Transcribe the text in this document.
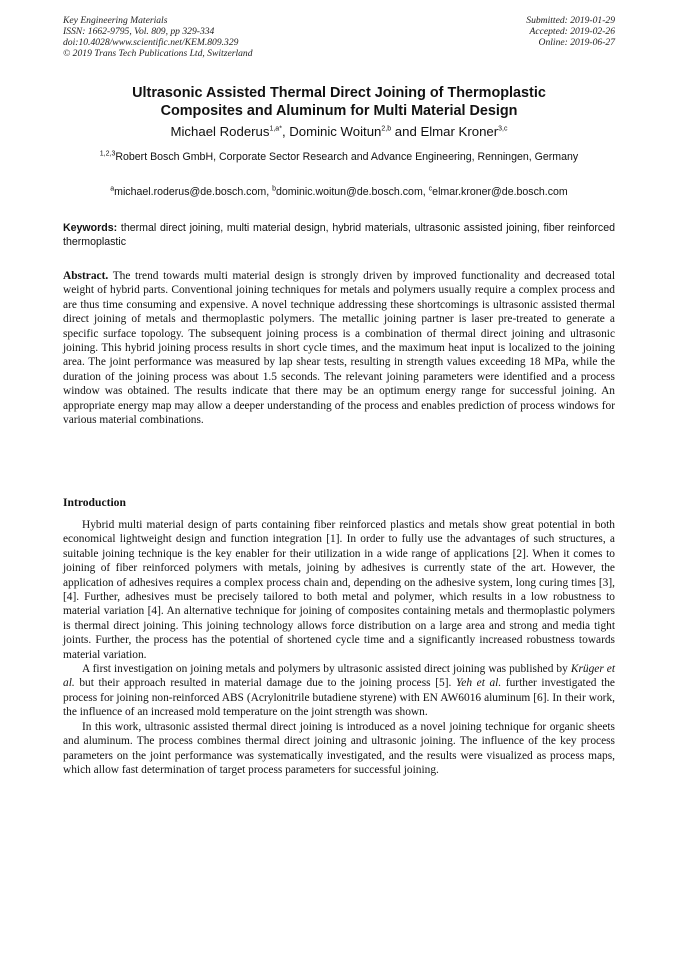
Key Engineering Materials
ISSN: 1662-9795, Vol. 809, pp 329-334
doi:10.4028/www.scientific.net/KEM.809.329
© 2019 Trans Tech Publications Ltd, Switzerland
Submitted: 2019-01-29
Accepted: 2019-02-26
Online: 2019-06-27
Ultrasonic Assisted Thermal Direct Joining of Thermoplastic
Composites and Aluminum for Multi Material Design
Michael Roderus$^{1,a*}$, Dominic Woitun$^{2,b}$ and Elmar Kroner$^{3,c}$
$^{1,2,3}$Robert Bosch GmbH, Corporate Sector Research and Advance Engineering, Renningen, Germany
$^a$michael.roderus@de.bosch.com, $^b$dominic.woitun@de.bosch.com, $^c$elmar.kroner@de.bosch.com
Keywords: thermal direct joining, multi material design, hybrid materials, ultrasonic assisted joining, fiber reinforced thermoplastic
Abstract. The trend towards multi material design is strongly driven by improved functionality and decreased total weight of hybrid parts. Conventional joining techniques for metals and polymers usually require a complex process and are thus time consuming and expensive. A novel technique addressing these shortcomings is ultrasonic assisted thermal direct joining of metals and thermoplastic polymers. The metallic joining partner is laser pre-treated to generate a specific surface topology. The subsequent joining process is a combination of thermal direct joining and ultrasonic joining. This hybrid joining process results in short cycle times, and the maximum heat input is localized to the joining area. The joint performance was measured by lap shear tests, resulting in strength values exceeding 18 MPa, while the duration of the joining process was about 1.5 seconds. The relevant joining parameters were identified and a process window was obtained. The results indicate that there may be an optimum energy range for successful joining. An appropriate energy map may allow a deeper understanding of the process and enables prediction of process windows for various material combinations.
Introduction

Hybrid multi material design of parts containing fiber reinforced plastics and metals show great potential in both economical lightweight design and function integration [1]. In order to fully use the advantages of such structures, a suitable joining technique is the key enabler for their utilization in a wide range of applications [2]. When it comes to joining of fiber reinforced polymers with metals, joining by adhesives is currently state of the art. However, the application of adhesives requires a complex process chain and, depending on the adhesive system, long curing times [3], [4]. Further, adhesives must be precisely tailored to both metal and polymer, which results in a low robustness to material variation [4]. An alternative technique for joining of composites containing metals and thermoplastic polymers is thermal direct joining. This joining technology allows force distribution on a large area and strong and media tight joints. Further, the process has the potential of shortened cycle time and a significantly increased robustness towards material variation.

A first investigation on joining metals and polymers by ultrasonic assisted direct joining was published by Krüger et al. but their approach resulted in material damage due to the joining process [5]. Yeh et al. further investigated the process for joining non-reinforced ABS (Acrylonitrile butadiene styrene) with EN AW6016 aluminum [6]. In their work, the influence of an increased mold temperature on the joint strength was shown.

In this work, ultrasonic assisted thermal direct joining is introduced as a novel joining technique for organic sheets and aluminum. The process combines thermal direct joining and ultrasonic joining. The influence of the key process parameters on the joint performance was systematically investigated, and the results were visualized as process maps, which allow fast determination of target process parameters for successful joining.
